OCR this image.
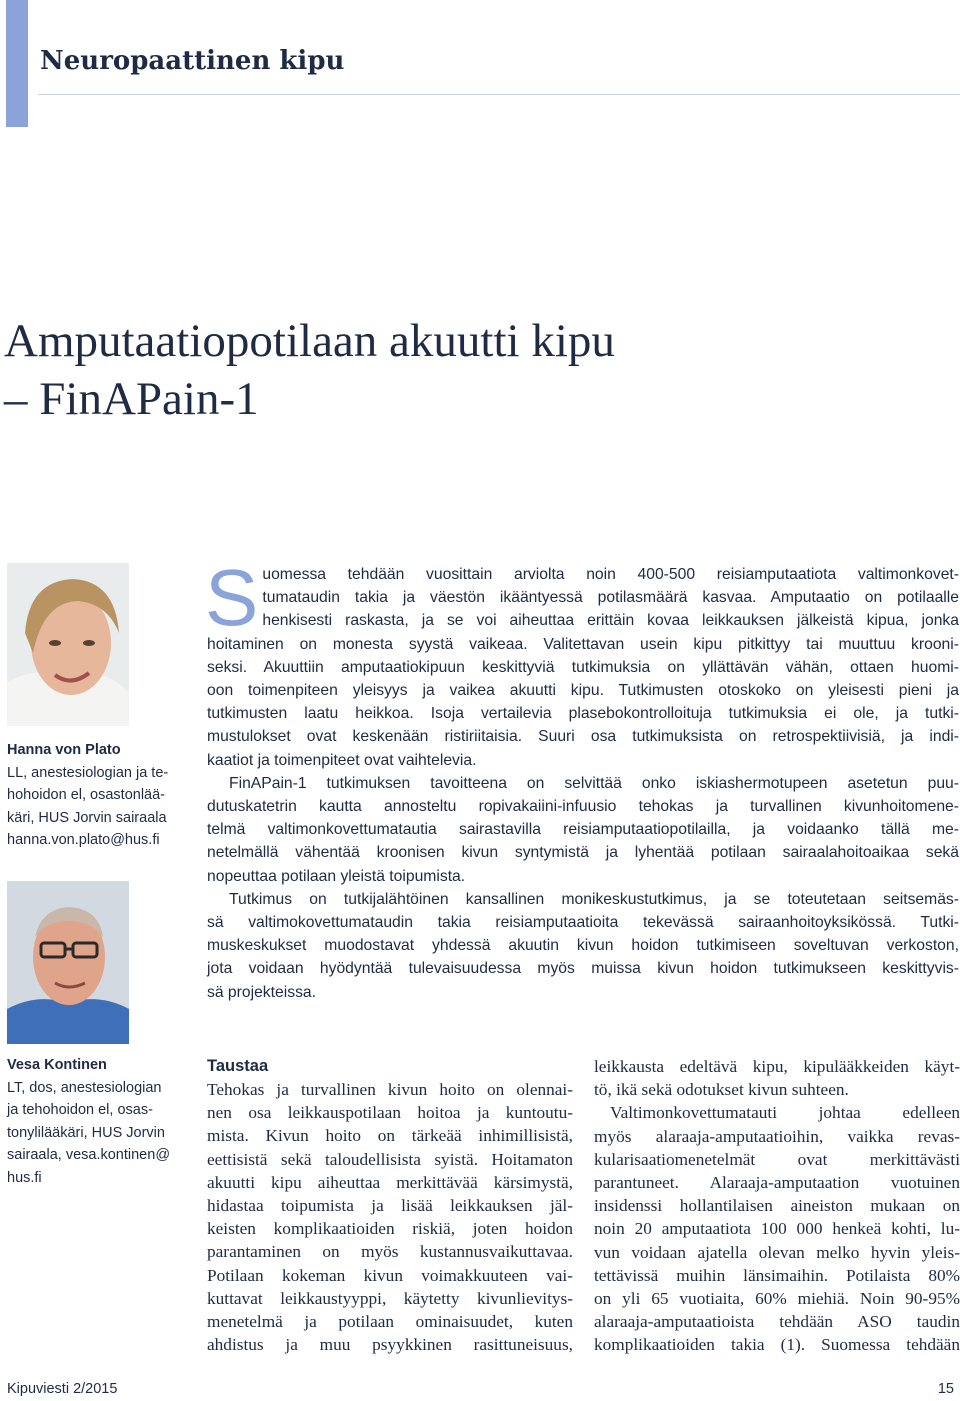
Neuropaattinen kipu
Amputaatiopotilaan akuutti kipu
– FinAPain-1
Hanna von Plato
LL, anestesiologian ja te-
hohoidon el, osastonlää-
käri, HUS Jorvin sairaala
hanna.von.plato@hus.fi
Vesa Kontinen
LT, dos, anestesiologian
ja tehohoidon el, osas-
tonylilääkäri, HUS Jorvin
sairaala, vesa.kontinen@
hus.fi
S uomessa tehdään vuosittain arviolta noin 400-500 reisiamputaatiota valtimonkovet-
tumataudin takia ja väestön ikääntyessä potilasmäärä kasvaa. Amputaatio on potilaalle
henkisesti raskasta, ja se voi aiheuttaa erittäin kovaa leikkauksen jälkeistä kipua, jonka
hoitaminen on monesta syystä vaikeaa. Valitettavan usein kipu pitkittyy tai muuttuu krooni-
seksi. Akuuttiin amputaatiokipuun keskittyviä tutkimuksia on yllättävän vähän, ottaen huomi-
oon toimenpiteen yleisyys ja vaikea akuutti kipu. Tutkimusten otoskoko on yleisesti pieni ja
tutkimusten laatu heikkoa. Isoja vertailevia plasebokontrolloituja tutkimuksia ei ole, ja tutki-
mustulokset ovat keskenään ristiriitaisia. Suuri osa tutkimuksista on retrospektiivisiä, ja indi-
kaatiot ja toimenpiteet ovat vaihtelevia.
FinAPain-1 tutkimuksen tavoitteena on selvittää onko iskiashermotupeen asetetun puu-
dutuskatetrin kautta annosteltu ropivakaiini-infuusio tehokas ja turvallinen kivunhoitomene-
telmä valtimonkovettumatautia sairastavilla reisiamputaatiopotilailla, ja voidaanko tällä me-
netelmällä vähentää kroonisen kivun syntymistä ja lyhentää potilaan sairaalahoitoaikaa sekä
nopeuttaa potilaan yleistä toipumista.
Tutkimus on tutkijalähtöinen kansallinen monikeskustutkimus, ja se toteutetaan seitsemäs-
sä valtimokovettumataudin takia reisiamputaatioita tekevässä sairaanhoitoyksikössä. Tutki-
muskeskukset muodostavat yhdessä akuutin kivun hoidon tutkimiseen soveltuvan verkoston,
jota voidaan hyödyntää tulevaisuudessa myös muissa kivun hoidon tutkimukseen keskittyvis-
sä projekteissa.
Taustaa
Tehokas ja turvallinen kivun hoito on olennai-
nen osa leikkauspotilaan hoitoa ja kuntoutu-
mista. Kivun hoito on tärkeää inhimillisistä,
eettisistä sekä taloudellisista syistä. Hoitamaton
akuutti kipu aiheuttaa merkittävää kärsimystä,
hidastaa toipumista ja lisää leikkauksen jäl-
keisten komplikaatioiden riskiä, joten hoidon
parantaminen on myös kustannusvaikuttavaa.
Potilaan kokeman kivun voimakkuuteen vai-
kuttavat leikkaustyyppi, käytetty kivunlievitys-
menetelmä ja potilaan ominaisuudet, kuten
ahdistus ja muu psyykkinen rasittuneisuus,
leikkausta edeltävä kipu, kipulääkkeiden käyt-
tö, ikä sekä odotukset kivun suhteen.
Valtimonkovettumatauti johtaa edelleen
myös alaraaja-amputaatioihin, vaikka revas-
kularisaatiomenetelmät ovat merkittävästi
parantuneet. Alaraaja-amputaation vuotuinen
insidenssi hollantilaisen aineiston mukaan on
noin 20 amputaatiota 100 000 henkeä kohti, lu-
vun voidaan ajatella olevan melko hyvin yleis-
tettävissä muihin länsimaihin. Potilaista 80%
on yli 65 vuotiaita, 60% miehiä. Noin 90-95%
alaraaja-amputaatioista tehdään ASO taudin
komplikaatioiden takia (1). Suomessa tehdään
Kipuviesti 2/2015	15
